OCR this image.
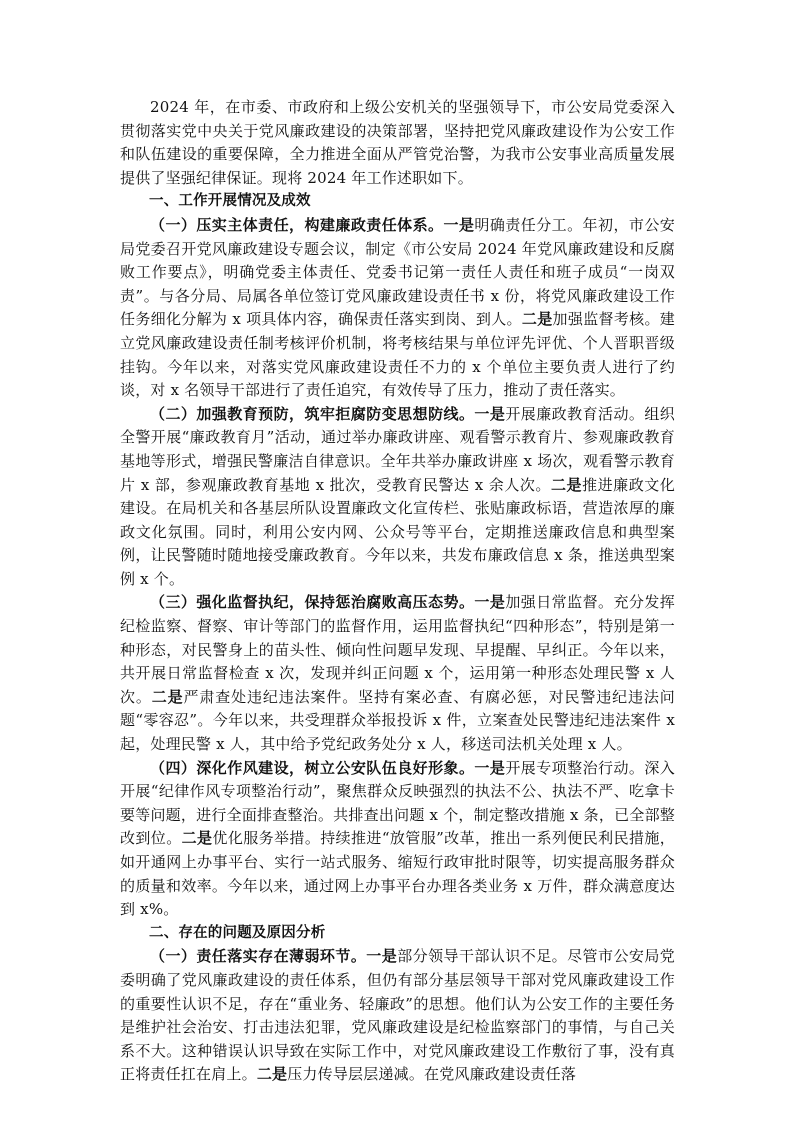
2024 年，在市委、市政府和上级公安机关的坚强领导下，市公安局党委深入贯彻落实党中央关于党风廉政建设的决策部署，坚持把党风廉政建设作为公安工作和队伍建设的重要保障，全力推进全面从严管党治警，为我市公安事业高质量发展提供了坚强纪律保证。现将 2024 年工作述职如下。

一、工作开展情况及成效

（一）压实主体责任，构建廉政责任体系。一是明确责任分工。年初，市公安局党委召开党风廉政建设专题会议，制定《市公安局 2024 年党风廉政建设和反腐败工作要点》，明确党委主体责任、党委书记第一责任人责任和班子成员“一岗双责”。与各分局、局属各单位签订党风廉政建设责任书 x 份，将党风廉政建设工作任务细化分解为 x 项具体内容，确保责任落实到岗、到人。二是加强监督考核。建立党风廉政建设责任制考核评价机制，将考核结果与单位评先评优、个人晋职晋级挂钩。今年以来，对落实党风廉政建设责任不力的 x 个单位主要负责人进行了约谈，对 x 名领导干部进行了责任追究，有效传导了压力，推动了责任落实。

（二）加强教育预防，筑牢拒腐防变思想防线。一是开展廉政教育活动。组织全警开展“廉政教育月”活动，通过举办廉政讲座、观看警示教育片、参观廉政教育基地等形式，增强民警廉洁自律意识。全年共举办廉政讲座 x 场次，观看警示教育片 x 部，参观廉政教育基地 x 批次，受教育民警达 x 余人次。二是推进廉政文化建设。在局机关和各基层所队设置廉政文化宣传栏、张贴廉政标语，营造浓厚的廉政文化氛围。同时，利用公安内网、公众号等平台，定期推送廉政信息和典型案例，让民警随时随地接受廉政教育。今年以来，共发布廉政信息 x 条，推送典型案例 x 个。

（三）强化监督执纪，保持惩治腐败高压态势。一是加强日常监督。充分发挥纪检监察、督察、审计等部门的监督作用，运用监督执纪“四种形态”，特别是第一种形态，对民警身上的苗头性、倾向性问题早发现、早提醒、早纠正。今年以来，共开展日常监督检查 x 次，发现并纠正问题 x 个，运用第一种形态处理民警 x 人次。二是严肃查处违纪违法案件。坚持有案必查、有腐必惩，对民警违纪违法问题“零容忍”。今年以来，共受理群众举报投诉 x 件，立案查处民警违纪违法案件 x 起，处理民警 x 人，其中给予党纪政务处分 x 人，移送司法机关处理 x 人。

（四）深化作风建设，树立公安队伍良好形象。一是开展专项整治行动。深入开展“纪律作风专项整治行动”，聚焦群众反映强烈的执法不公、执法不严、吃拿卡要等问题，进行全面排查整治。共排查出问题 x 个，制定整改措施 x 条，已全部整改到位。二是优化服务举措。持续推进“放管服”改革，推出一系列便民利民措施，如开通网上办事平台、实行一站式服务、缩短行政审批时限等，切实提高服务群众的质量和效率。今年以来，通过网上办事平台办理各类业务 x 万件，群众满意度达到 x%。

二、存在的问题及原因分析

（一）责任落实存在薄弱环节。一是部分领导干部认识不足。尽管市公安局党委明确了党风廉政建设的责任体系，但仍有部分基层领导干部对党风廉政建设工作的重要性认识不足，存在“重业务、轻廉政”的思想。他们认为公安工作的主要任务是维护社会治安、打击违法犯罪，党风廉政建设是纪检监察部门的事情，与自己关系不大。这种错误认识导致在实际工作中，对党风廉政建设工作敷衍了事，没有真正将责任扛在肩上。二是压力传导层层递减。在党风廉政建设责任落
